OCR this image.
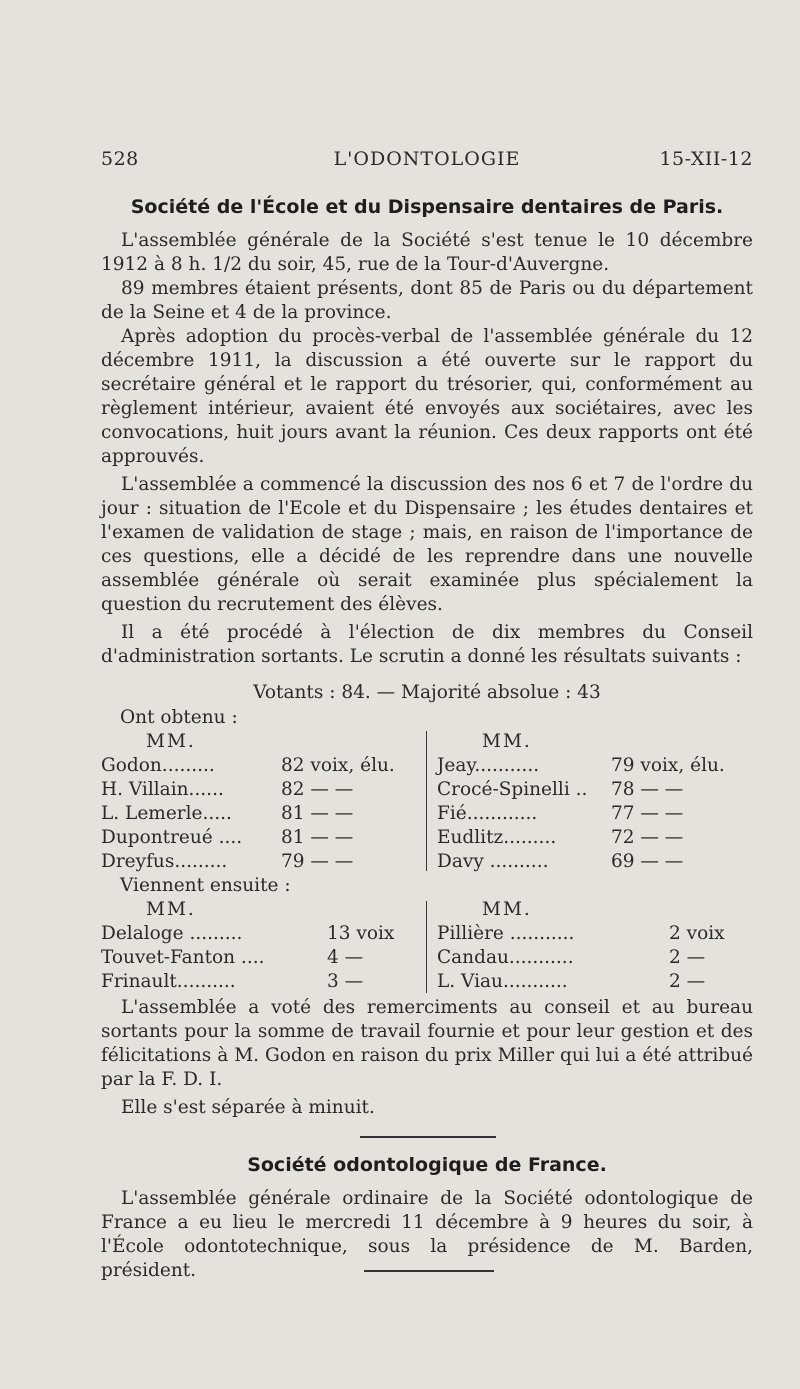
528	L'ODONTOLOGIE	15-XII-12
Société de l'École et du Dispensaire dentaires de Paris.
L'assemblée générale de la Société s'est tenue le 10 décembre 1912 à 8 h. 1/2 du soir, 45, rue de la Tour-d'Auvergne.
89 membres étaient présents, dont 85 de Paris ou du département de la Seine et 4 de la province.
Après adoption du procès-verbal de l'assemblée générale du 12 décembre 1911, la discussion a été ouverte sur le rapport du secrétaire général et le rapport du trésorier, qui, conformément au règlement intérieur, avaient été envoyés aux sociétaires, avec les convocations, huit jours avant la réunion. Ces deux rapports ont été approuvés.
L'assemblée a commencé la discussion des nos 6 et 7 de l'ordre du jour : situation de l'Ecole et du Dispensaire ; les études dentaires et l'examen de validation de stage ; mais, en raison de l'importance de ces questions, elle a décidé de les reprendre dans une nouvelle assemblée générale où serait examinée plus spécialement la question du recrutement des élèves.
Il a été procédé à l'élection de dix membres du Conseil d'administration sortants. Le scrutin a donné les résultats suivants :
Votants : 84. — Majorité absolue : 43
Ont obtenu :
MM.
Godon.........	82 voix, élu.
H. Villain......	82 — —
L. Lemerle.....	81 — —
Dupontreué .... 81 — —
Dreyfus.........	79 — —
MM.
Jeay...........	79 voix, élu.
Crocé-Spinelli .. 78 — —
Fié............	77 — —
Eudlitz.........	72 — —
Davy ..........	69 — —
Viennent ensuite :
MM.
Delaloge .........	13 voix
Touvet-Fanton ....	4 —
Frinault..........	3 —
MM.
Pillière ...........	2 voix
Candau...........	2 —
L. Viau...........	2 —
L'assemblée a voté des remerciments au conseil et au bureau sortants pour la somme de travail fournie et pour leur gestion et des félicitations à M. Godon en raison du prix Miller qui lui a été attribué par la F. D. I.
Elle s'est séparée à minuit.
Société odontologique de France.
L'assemblée générale ordinaire de la Société odontologique de France a eu lieu le mercredi 11 décembre à 9 heures du soir, à l'École odontotechnique, sous la présidence de M. Barden, président.
